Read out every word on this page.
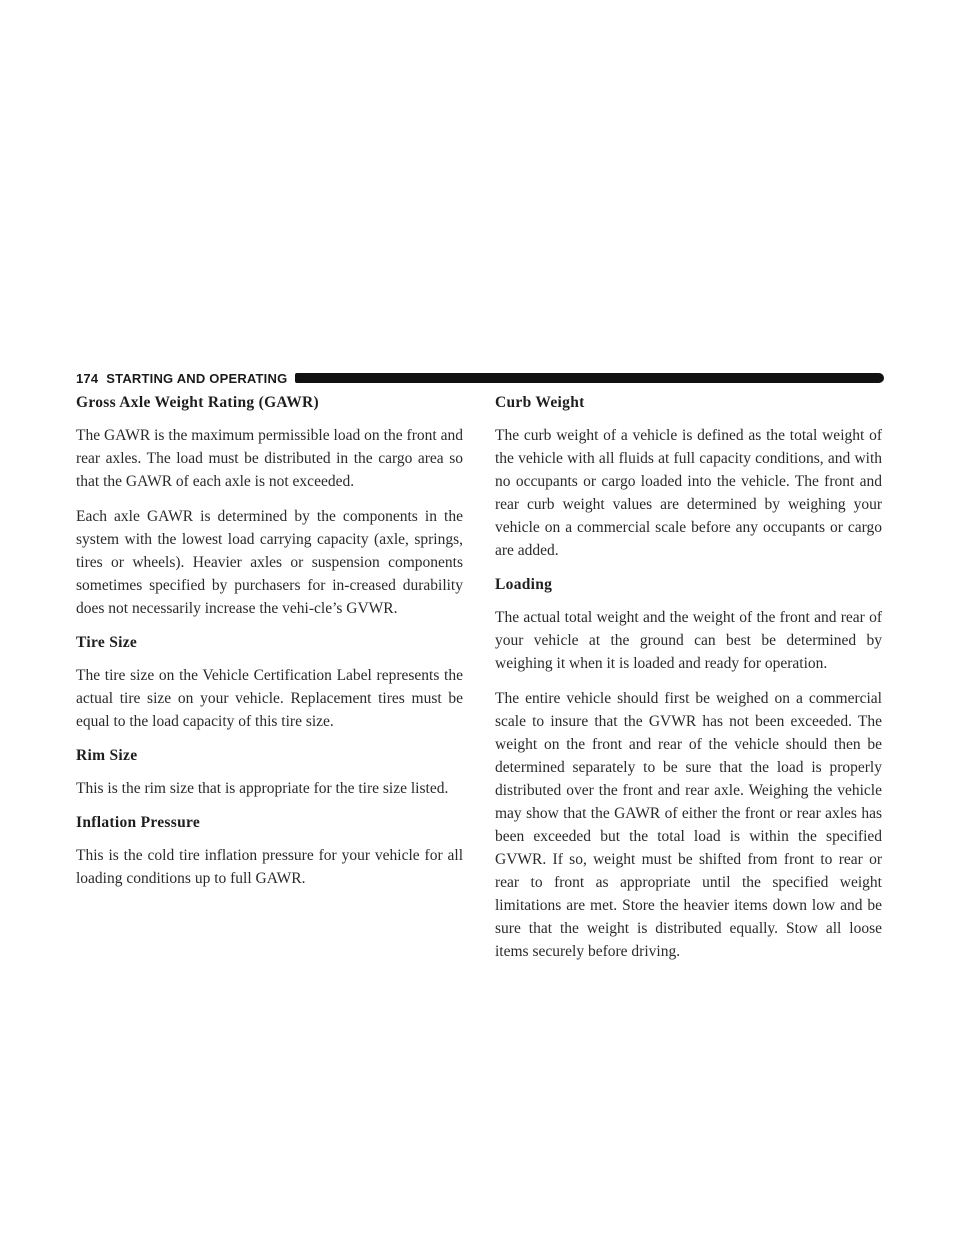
174 STARTING AND OPERATING
Gross Axle Weight Rating (GAWR)

The GAWR is the maximum permissible load on the front and rear axles. The load must be distributed in the cargo area so that the GAWR of each axle is not exceeded.

Each axle GAWR is determined by the components in the system with the lowest load carrying capacity (axle, springs, tires or wheels). Heavier axles or suspension components sometimes specified by purchasers for in-creased durability does not necessarily increase the vehi-cle’s GVWR.

Tire Size

The tire size on the Vehicle Certification Label represents the actual tire size on your vehicle. Replacement tires must be equal to the load capacity of this tire size.

Rim Size

This is the rim size that is appropriate for the tire size listed.

Inflation Pressure

This is the cold tire inflation pressure for your vehicle for all loading conditions up to full GAWR.

Curb Weight

The curb weight of a vehicle is defined as the total weight of the vehicle with all fluids at full capacity conditions, and with no occupants or cargo loaded into the vehicle. The front and rear curb weight values are determined by weighing your vehicle on a commercial scale before any occupants or cargo are added.

Loading

The actual total weight and the weight of the front and rear of your vehicle at the ground can best be determined by weighing it when it is loaded and ready for operation.

The entire vehicle should first be weighed on a commercial scale to insure that the GVWR has not been exceeded. The weight on the front and rear of the vehicle should then be determined separately to be sure that the load is properly distributed over the front and rear axle. Weighing the vehicle may show that the GAWR of either the front or rear axles has been exceeded but the total load is within the specified GVWR. If so, weight must be shifted from front to rear or rear to front as appropriate until the specified weight limitations are met. Store the heavier items down low and be sure that the weight is distributed equally. Stow all loose items securely before driving.
